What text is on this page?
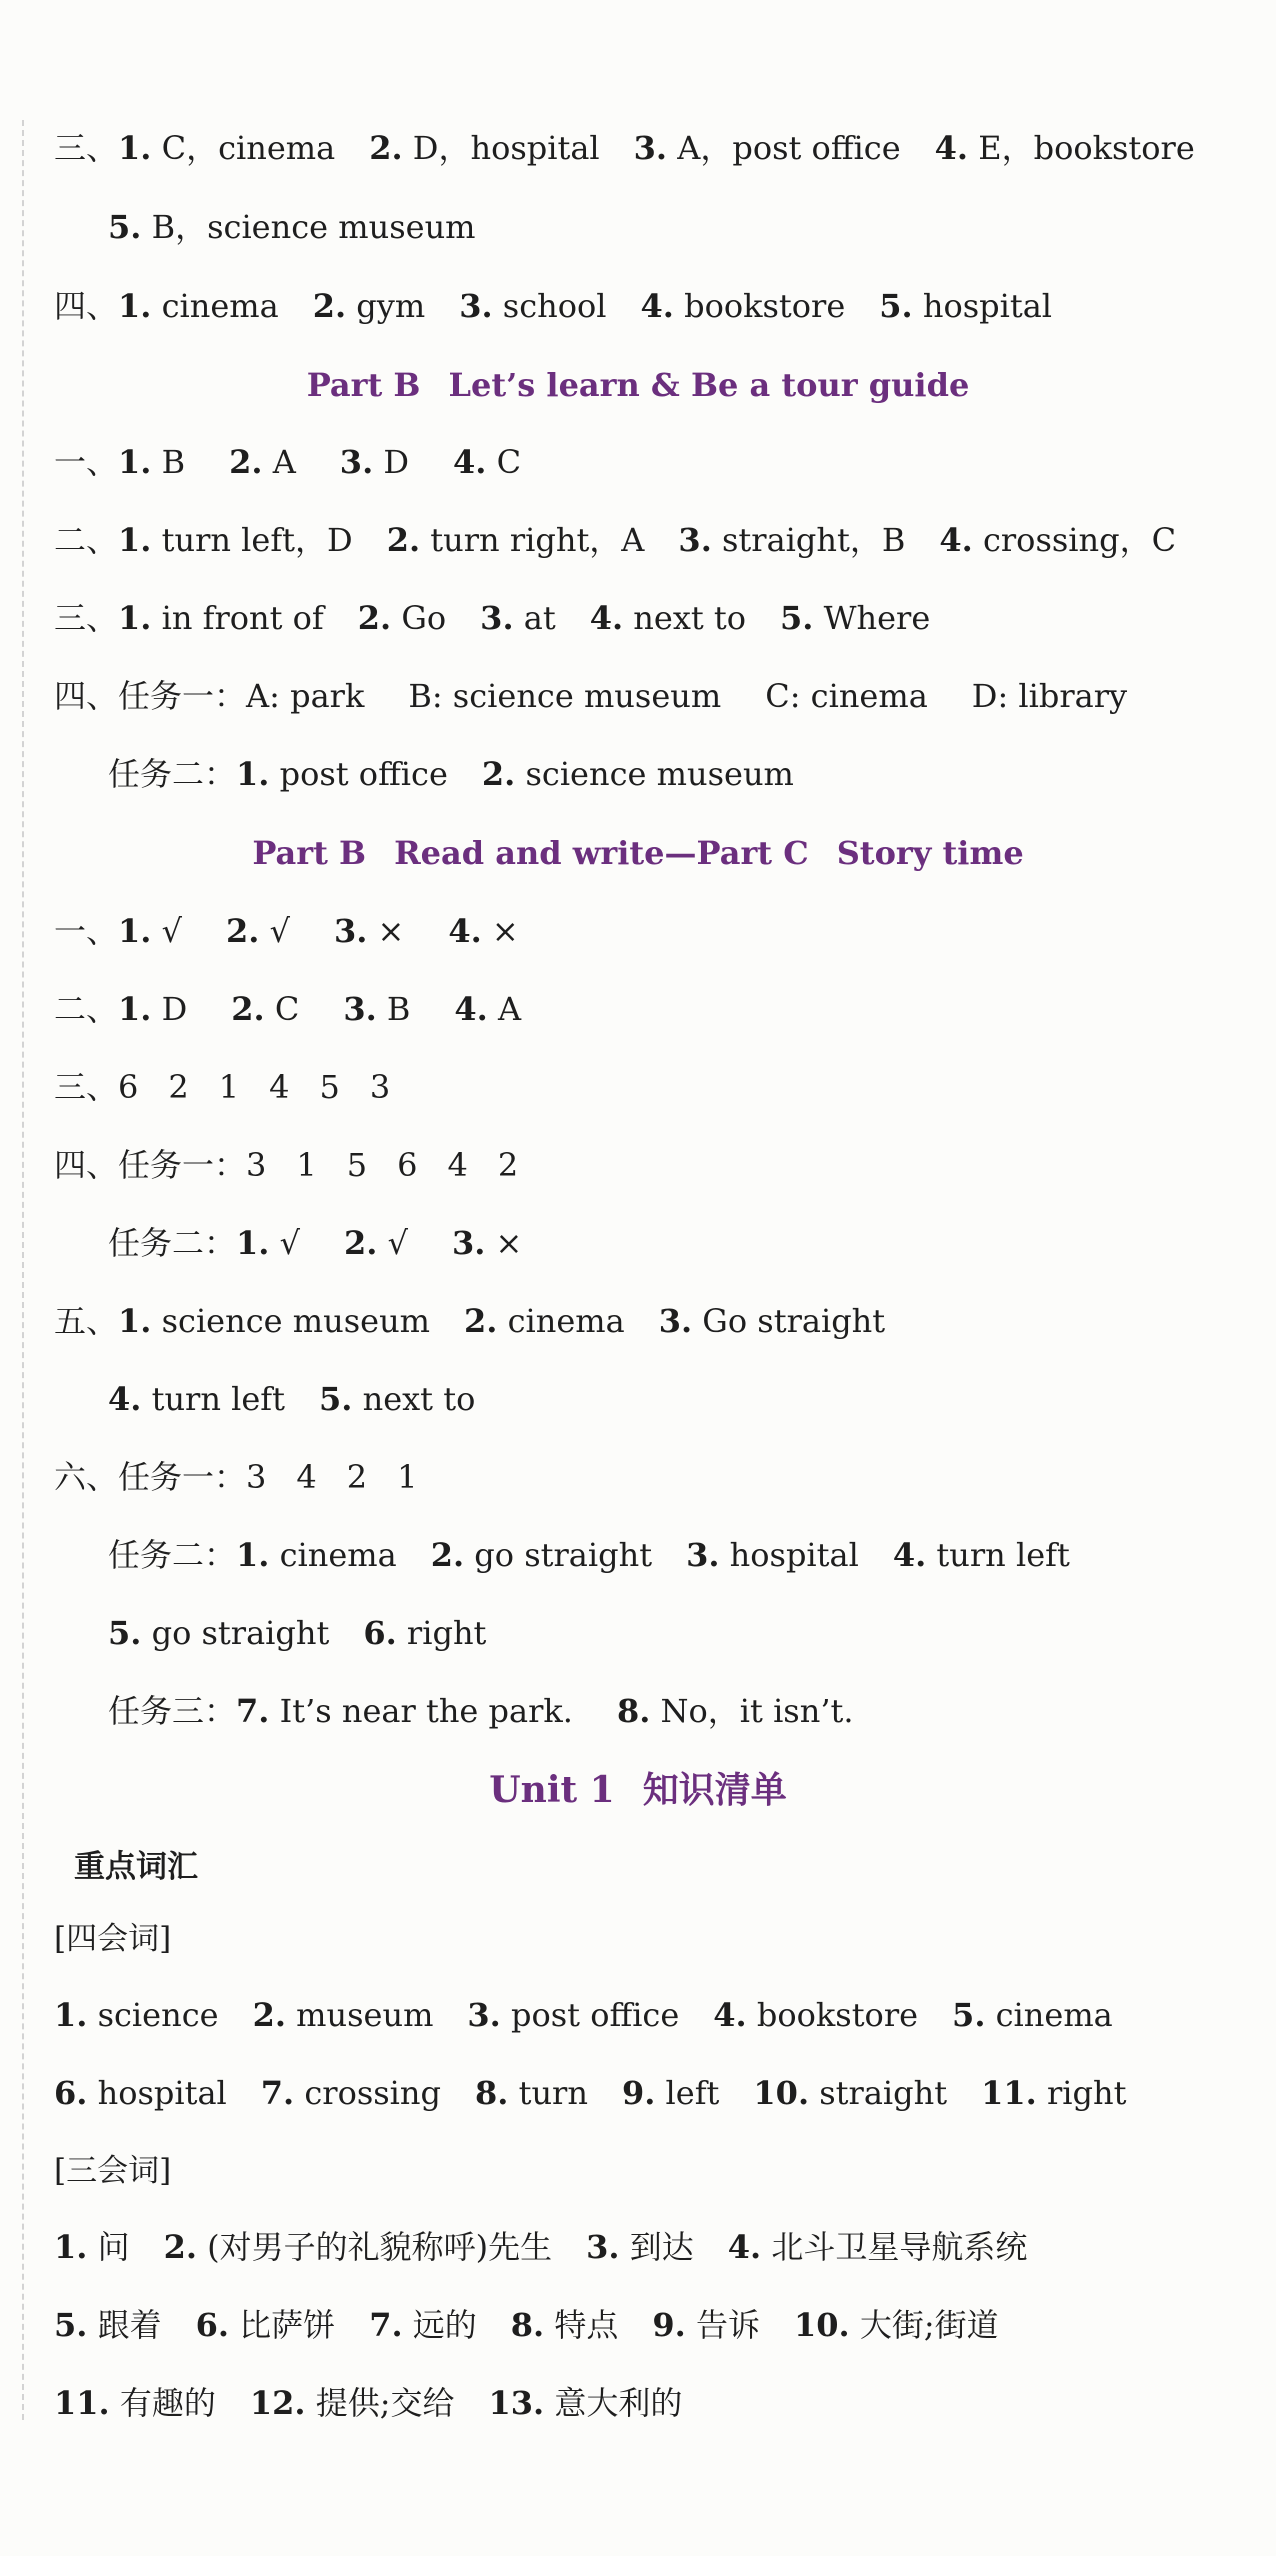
三、1. C，cinema 2. D，hospital 3. A，post office 4. E，bookstore
5. B，science museum
四、1. cinema 2. gym 3. school 4. bookstore 5. hospital
Part B Let’s learn & Be a tour guide
一、1. B 2. A 3. D 4. C
二、1. turn left，D 2. turn right，A 3. straight，B 4. crossing，C
三、1. in front of 2. Go 3. at 4. next to 5. Where
四、任务一：A: park B: science museum C: cinema D: library
任务二：1. post office 2. science museum
Part B Read and write—Part C Story time
一、1. √ 2. √ 3. × 4. ×
二、1. D 2. C 3. B 4. A
三、6 2 1 4 5 3
四、任务一：3 1 5 6 4 2
任务二：1. √ 2. √ 3. ×
五、1. science museum 2. cinema 3. Go straight
4. turn left 5. next to
六、任务一：3 4 2 1
任务二：1. cinema 2. go straight 3. hospital 4. turn left
5. go straight 6. right
任务三：7. It’s near the park. 8. No，it isn’t.
Unit 1 知识清单
重点词汇
[四会词]
1. science 2. museum 3. post office 4. bookstore 5. cinema
6. hospital 7. crossing 8. turn 9. left 10. straight 11. right
[三会词]
1. 问 2. (对男子的礼貌称呼)先生 3. 到达 4. 北斗卫星导航系统
5. 跟着 6. 比萨饼 7. 远的 8. 特点 9. 告诉 10. 大街;街道
11. 有趣的 12. 提供;交给 13. 意大利的
